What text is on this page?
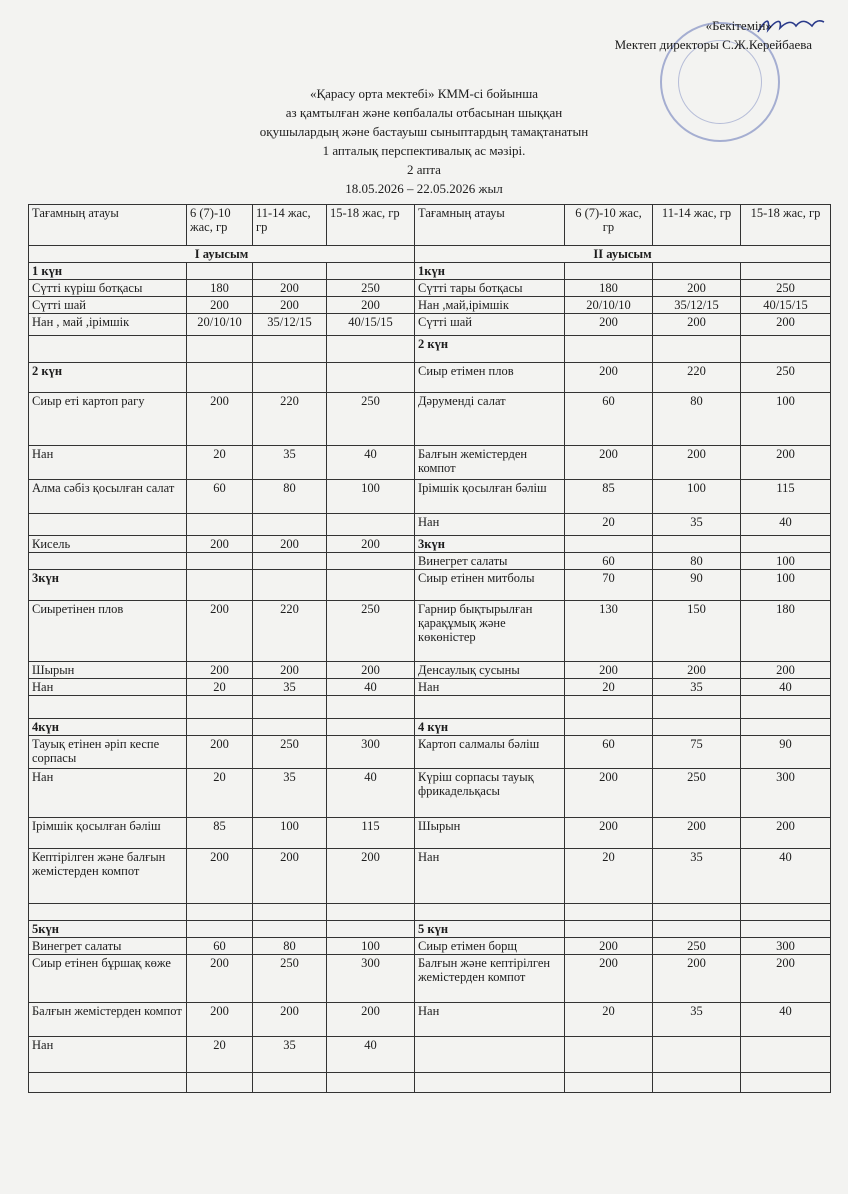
«Бекітемін»
Мектеп директоры С.Ж.Керейбаева
«Қарасу орта мектебі» КММ-сі бойынша
аз қамтылған және көпбалалы отбасынан шыққан
оқушылардың және бастауыш сыныптардың тамақтанатын
1 апталық перспективалық ас мәзірі.
2 апта
18.05.2026 – 22.05.2026 жыл
Тағамның атауы	6 (7)-10 жас, гр	11-14 жас, гр	15-18 жас, гр	Тағамның атауы	6 (7)-10 жас, гр	11-14 жас, гр	15-18 жас, гр
I ауысым				II ауысым			
1 күн				1күн			
Сүтті күріш ботқасы	180	200	250	Сүтті тары ботқасы	180	200	250
Сүтті шай	200	200	200	Нан ,май,ірімшік	20/10/10	35/12/15	40/15/15
Нан , май ,ірімшік	20/10/10	35/12/15	40/15/15	Сүтті шай	200	200	200
				2 күн			
2 күн				Сиыр етімен плов	200	220	250
Сиыр еті картоп рагу	200	220	250	Дәрумeнді салат	60	80	100
Нан	20	35	40	Балғын жемістерден компот	200	200	200
Алма сәбіз қосылған салат	60	80	100	Ірімшік қосылған бәліш	85	100	115
				Нан	20	35	40
Кисель	200	200	200	3күн			
				Винегрет салаты	60	80	100
3күн				Сиыр етінен митболы	70	90	100
Сиыретінен плов	200	220	250	Гарнир бықтырылған қарақұмық және көкөністер	130	150	180
Шырын	200	200	200	Денсаулық сусыны	200	200	200
Нан	20	35	40	Нан	20	35	40

4күн				4 күн			
Тауық етінен әріп кеспе сорпасы	200	250	300	Картоп салмалы бәліш	60	75	90
Нан	20	35	40	Күріш сорпасы тауық фрикадельқасы	200	250	300
Ірімшік қосылған бәліш	85	100	115	Шырын	200	200	200
Кептірілген және балғын жемістерден компот	200	200	200	Нан	20	35	40

5күн				5 күн			
Винегрет салаты	60	80	100	Сиыр етімен борщ	200	250	300
Сиыр етінен бұршақ көже	200	250	300	Балғын және кептірілген жемістерден компот	200	200	200
Балғын жемістерден компот	200	200	200	Нан	20	35	40
Нан	20	35	40				
